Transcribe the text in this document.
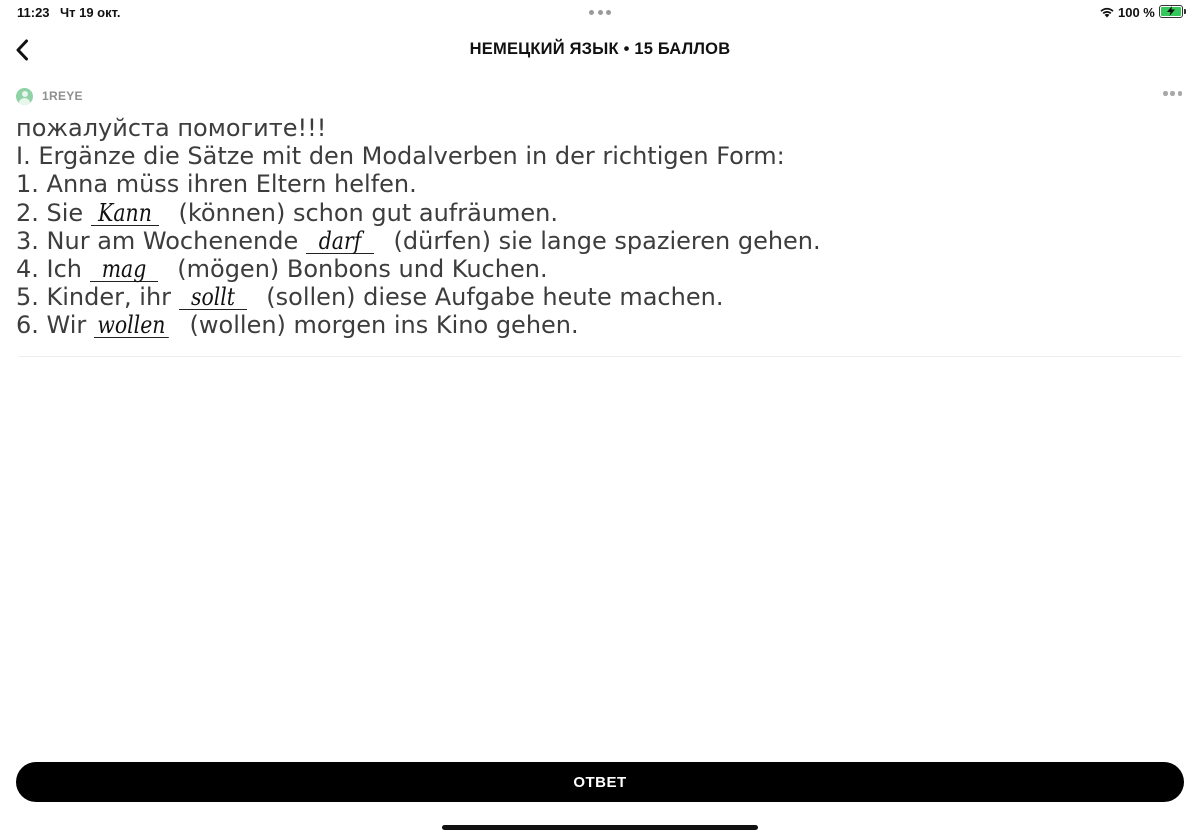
11:23 Чт 19 окт.	100 %
НЕМЕЦКИЙ ЯЗЫК • 15 БАЛЛОВ
1REYE
пожалуйста помогите!!!
I. Ergänze die Sätze mit den Modalverben in der richtigen Form:
1. Anna müss ihren Eltern helfen.
2. Sie Kann (können) schon gut aufräumen.
3. Nur am Wochenende darf (dürfen) sie lange spazieren gehen.
4. Ich mag (mögen) Bonbons und Kuchen.
5. Kinder, ihr sollt (sollen) diese Aufgabe heute machen.
6. Wir wollen (wollen) morgen ins Kino gehen.
ОТВЕТ
